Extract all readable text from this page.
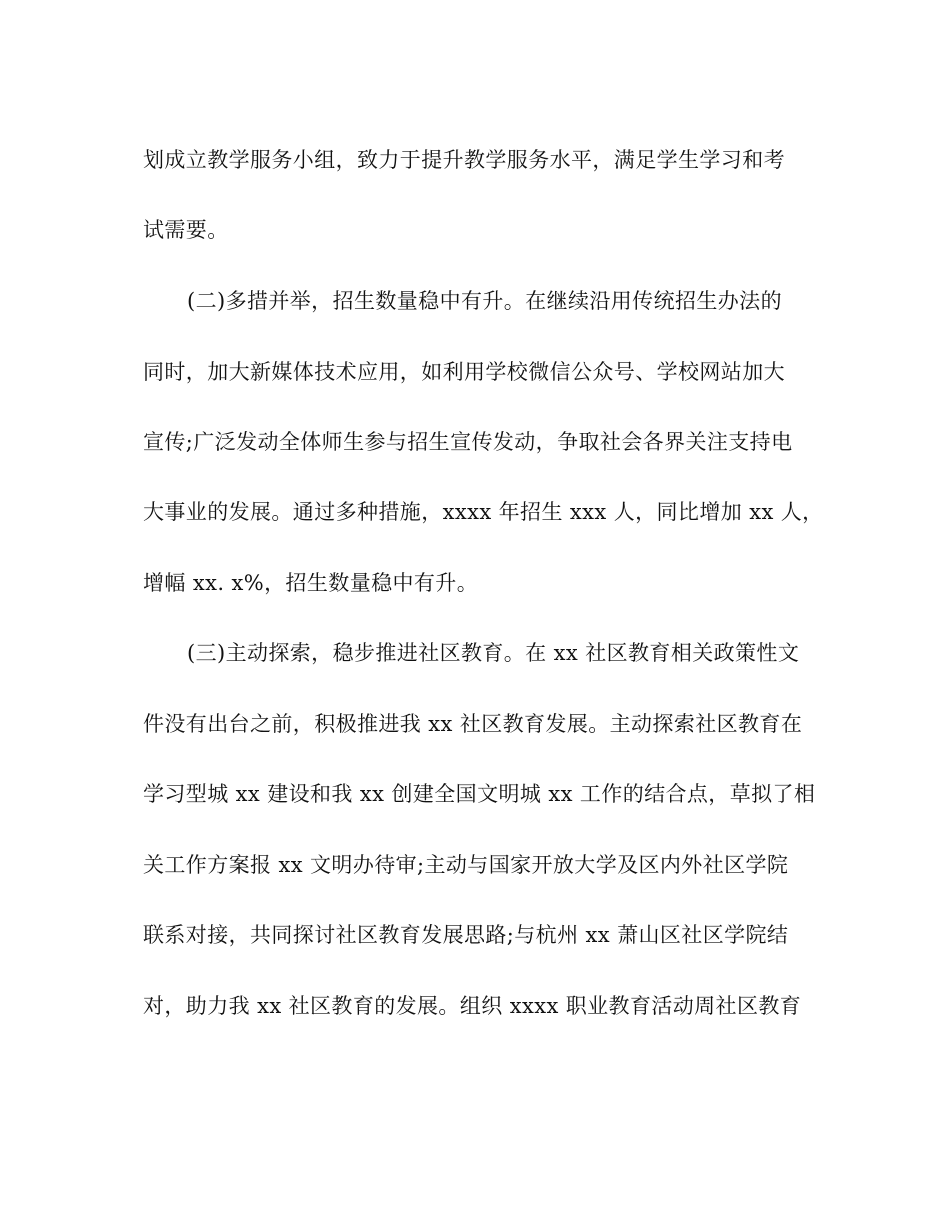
划成立教学服务小组，致力于提升教学服务水平，满足学生学习和考
试需要。
(二)多措并举，招生数量稳中有升。在继续沿用传统招生办法的
同时，加大新媒体技术应用，如利用学校微信公众号、学校网站加大
宣传;广泛发动全体师生参与招生宣传发动，争取社会各界关注支持电
大事业的发展。通过多种措施，xxxx 年招生 xxx 人，同比增加 xx 人，
增幅 xx. x%，招生数量稳中有升。
(三)主动探索，稳步推进社区教育。在 xx 社区教育相关政策性文
件没有出台之前，积极推进我 xx 社区教育发展。主动探索社区教育在
学习型城 xx 建设和我 xx 创建全国文明城 xx 工作的结合点，草拟了相
关工作方案报 xx 文明办待审;主动与国家开放大学及区内外社区学院
联系对接，共同探讨社区教育发展思路;与杭州 xx 萧山区社区学院结
对，助力我 xx 社区教育的发展。组织 xxxx 职业教育活动周社区教育
